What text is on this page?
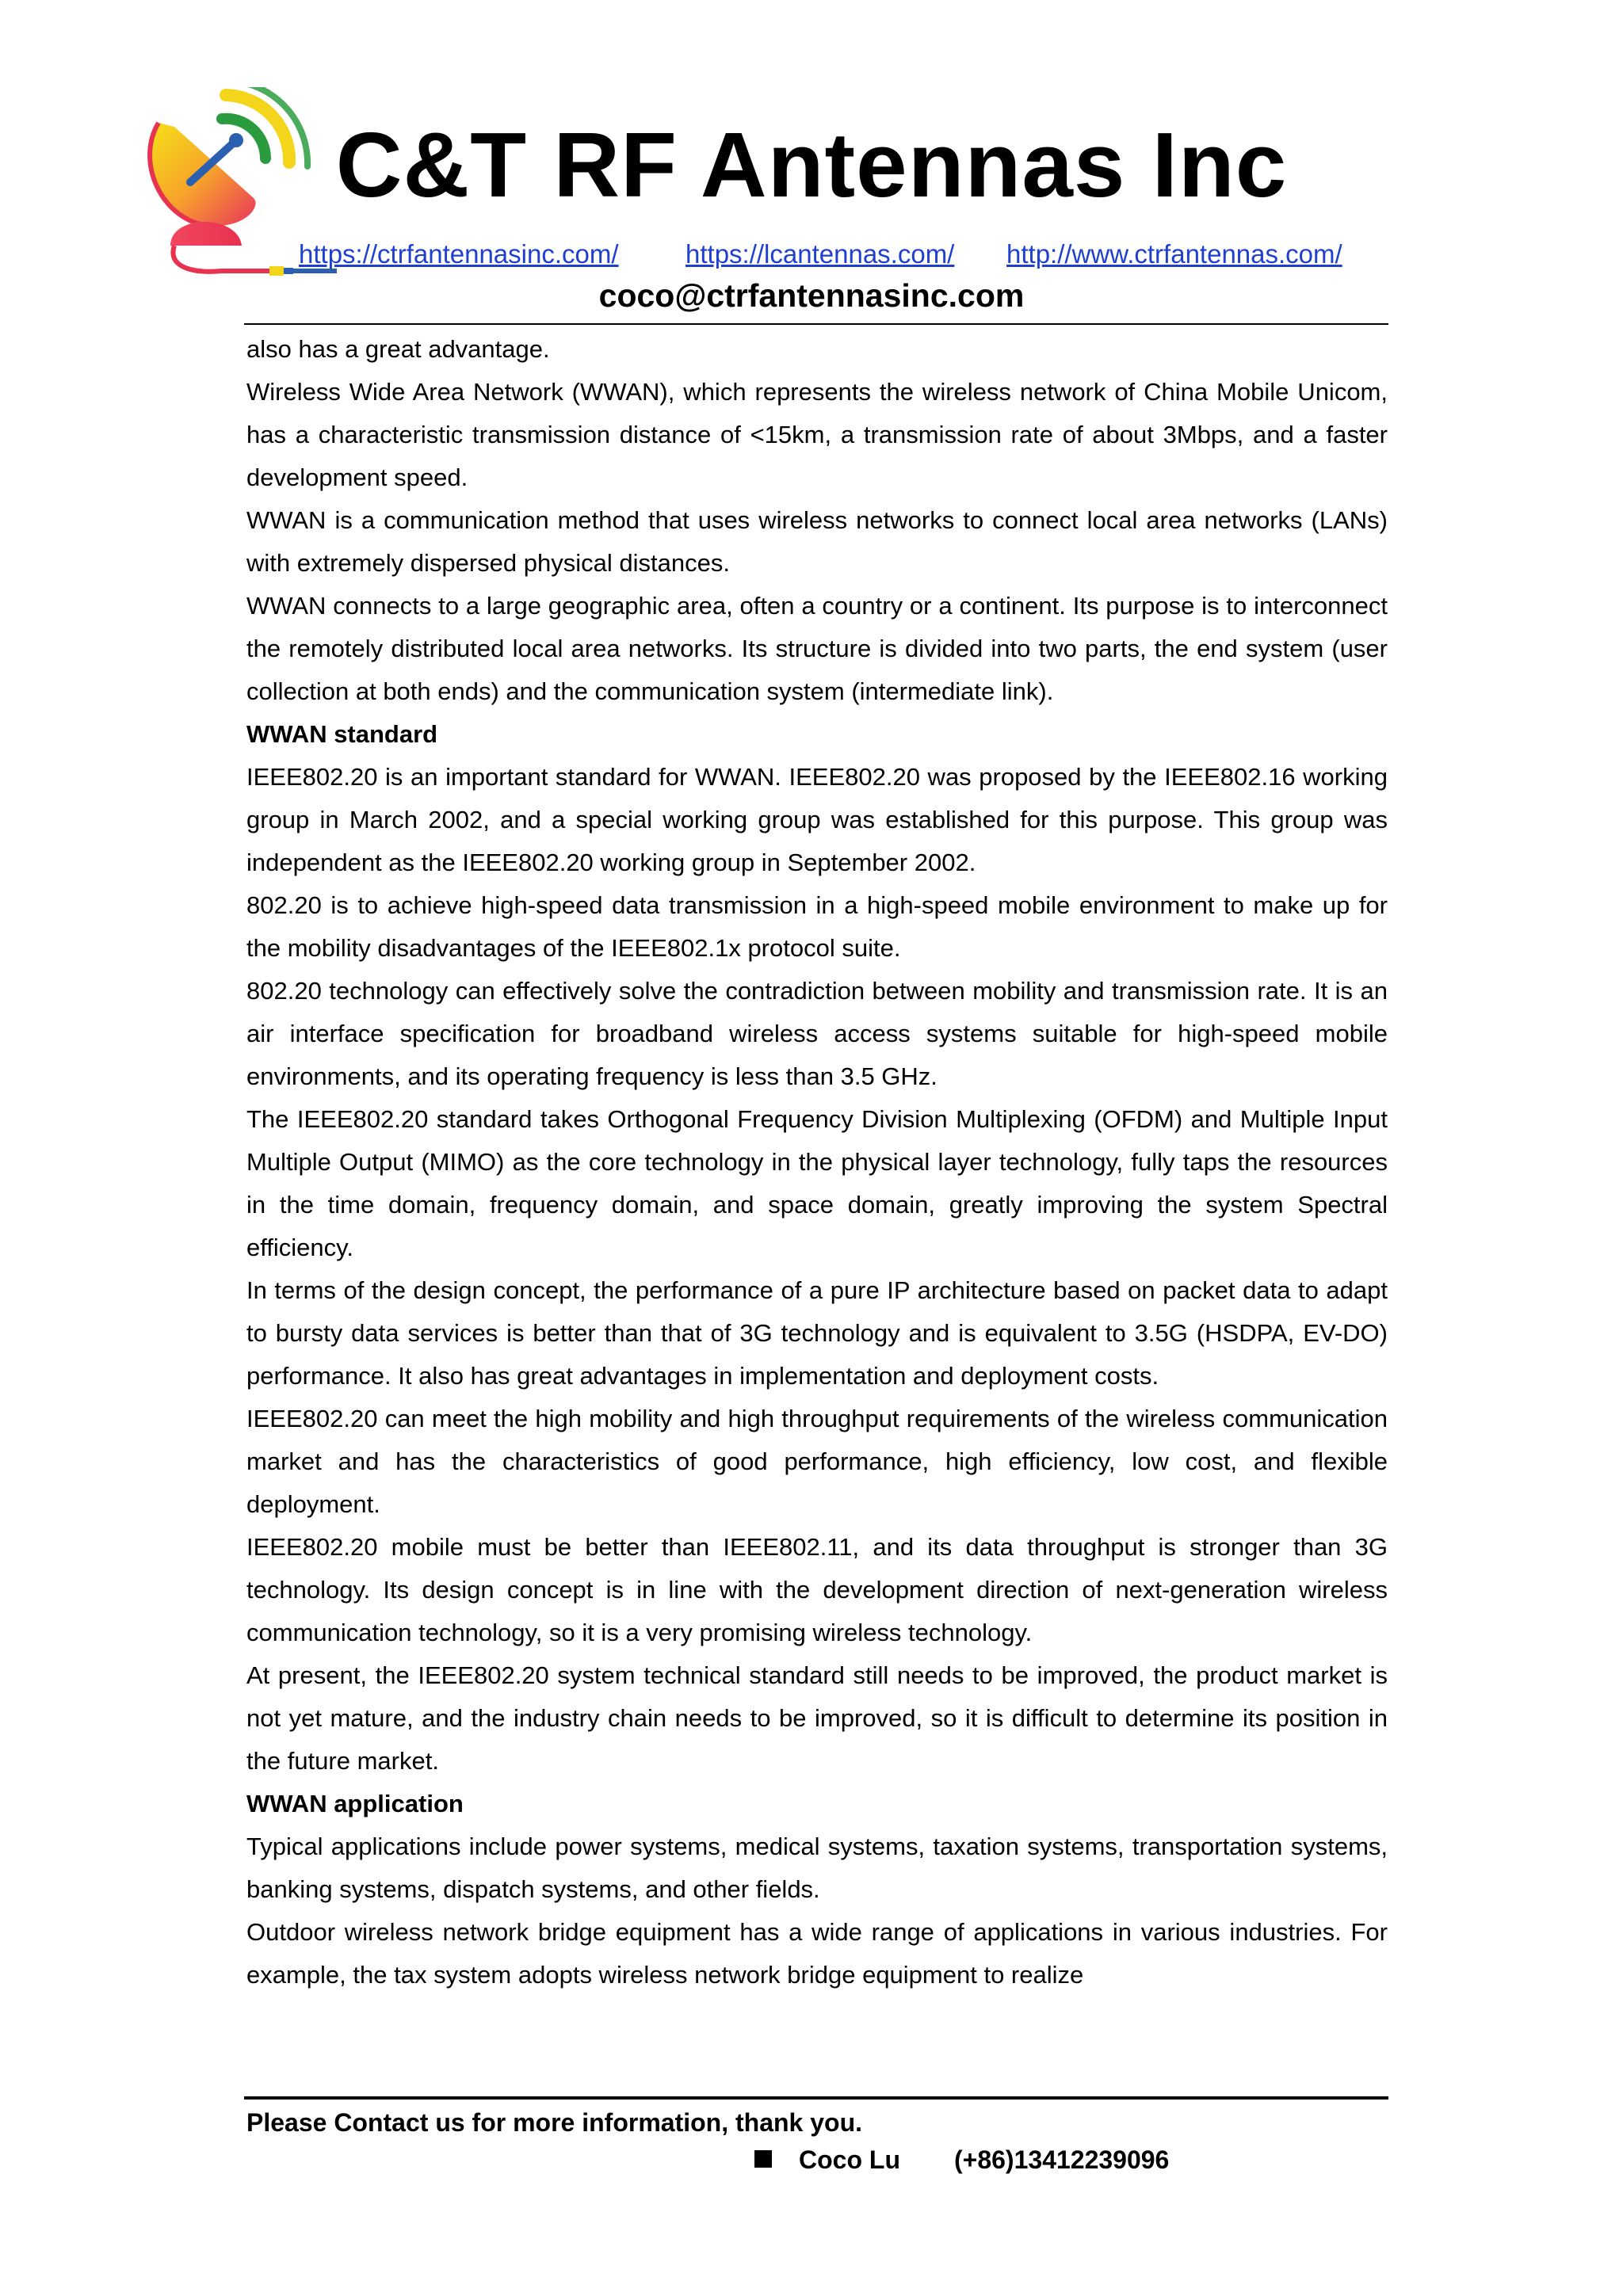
C&T RF Antennas Inc
https://ctrfantennasinc.com/	https://lcantennas.com/ http://www.ctrfantennas.com/
coco@ctrfantennasinc.com

also has a great advantage.

Wireless Wide Area Network (WWAN), which represents the wireless network of China Mobile Unicom, has a characteristic transmission distance of <15km, a transmission rate of about 3Mbps, and a faster development speed.

WWAN is a communication method that uses wireless networks to connect local area networks (LANs) with extremely dispersed physical distances.

WWAN connects to a large geographic area, often a country or a continent. Its purpose is to interconnect the remotely distributed local area networks. Its structure is divided into two parts, the end system (user collection at both ends) and the communication system (intermediate link).

WWAN standard

IEEE802.20 is an important standard for WWAN. IEEE802.20 was proposed by the IEEE802.16 working group in March 2002, and a special working group was established for this purpose. This group was independent as the IEEE802.20 working group in September 2002.

802.20 is to achieve high-speed data transmission in a high-speed mobile environment to make up for the mobility disadvantages of the IEEE802.1x protocol suite.

802.20 technology can effectively solve the contradiction between mobility and transmission rate. It is an air interface specification for broadband wireless access systems suitable for high-speed mobile environments, and its operating frequency is less than 3.5 GHz.

The IEEE802.20 standard takes Orthogonal Frequency Division Multiplexing (OFDM) and Multiple Input Multiple Output (MIMO) as the core technology in the physical layer technology, fully taps the resources in the time domain, frequency domain, and space domain, greatly improving the system Spectral efficiency.

In terms of the design concept, the performance of a pure IP architecture based on packet data to adapt to bursty data services is better than that of 3G technology and is equivalent to 3.5G (HSDPA, EV-DO) performance. It also has great advantages in implementation and deployment costs.

IEEE802.20 can meet the high mobility and high throughput requirements of the wireless communication market and has the characteristics of good performance, high efficiency, low cost, and flexible deployment.

IEEE802.20 mobile must be better than IEEE802.11, and its data throughput is stronger than 3G technology. Its design concept is in line with the development direction of next-generation wireless communication technology, so it is a very promising wireless technology.

At present, the IEEE802.20 system technical standard still needs to be improved, the product market is not yet mature, and the industry chain needs to be improved, so it is difficult to determine its position in the future market.

WWAN application

Typical applications include power systems, medical systems, taxation systems, transportation systems, banking systems, dispatch systems, and other fields.

Outdoor wireless network bridge equipment has a wide range of applications in various industries. For example, the tax system adopts wireless network bridge equipment to realize

Please Contact us for more information, thank you.
Coco Lu (+86)13412239096
